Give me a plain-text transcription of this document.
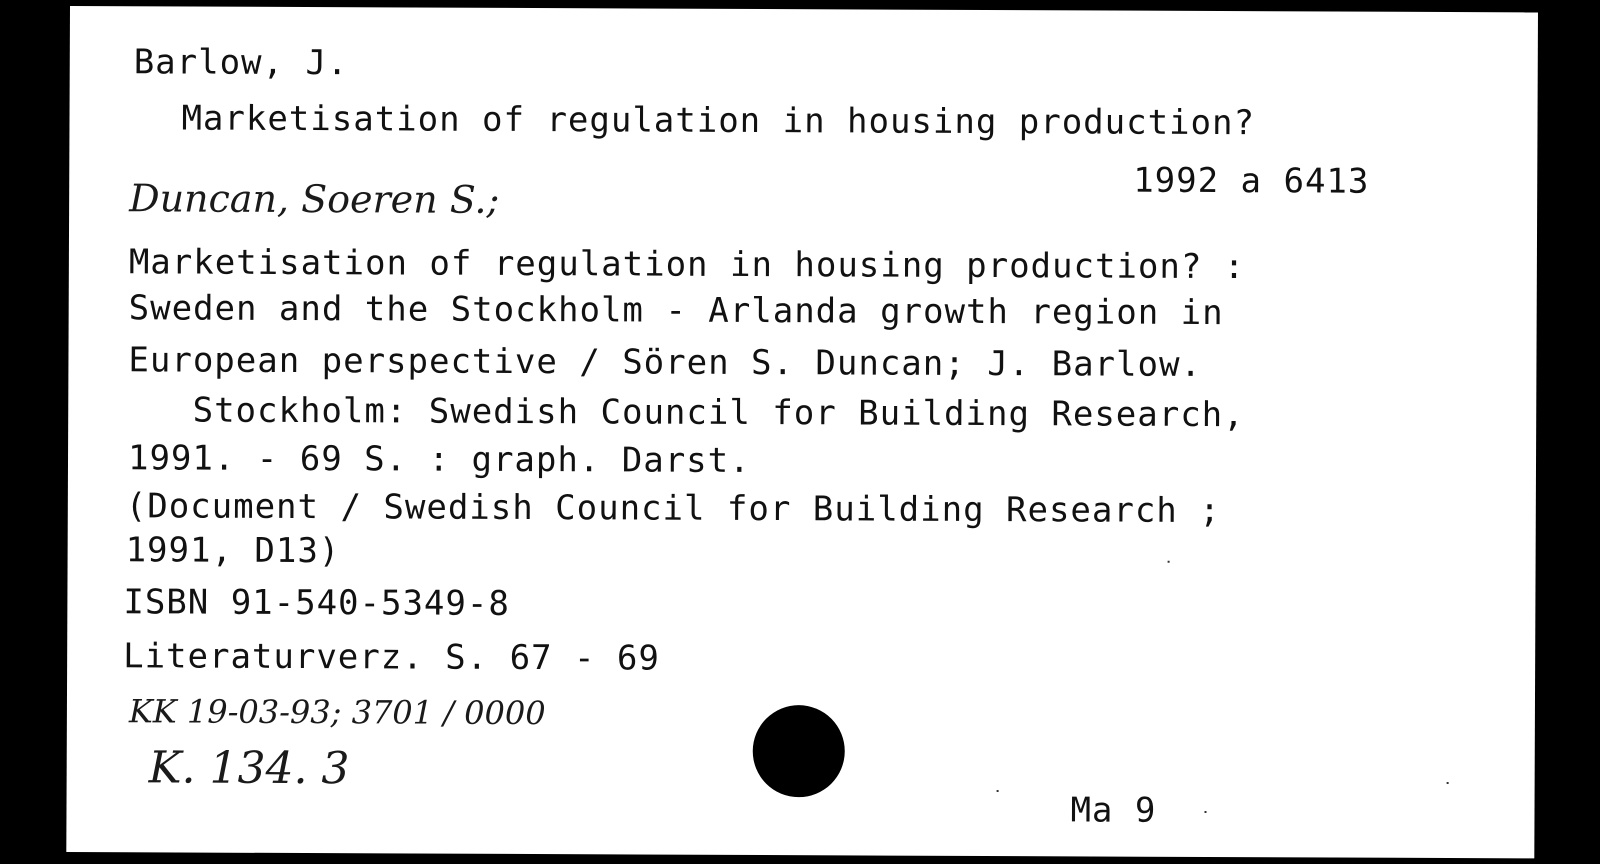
Barlow, J.
Marketisation of regulation in housing production?
1992 a 6413
Duncan, Soeren S.;
Marketisation of regulation in housing production? :
Sweden and the Stockholm - Arlanda growth region in
European perspective / Sören S. Duncan; J. Barlow.
Stockholm: Swedish Council for Building Research,
1991. - 69 S. : graph. Darst.
(Document / Swedish Council for Building Research ;
1991, D13)
ISBN 91-540-5349-8
Literaturverz. S. 67 - 69
KK 19-03-93; 3701 / 0000
K. 134. 3
Ma 9
